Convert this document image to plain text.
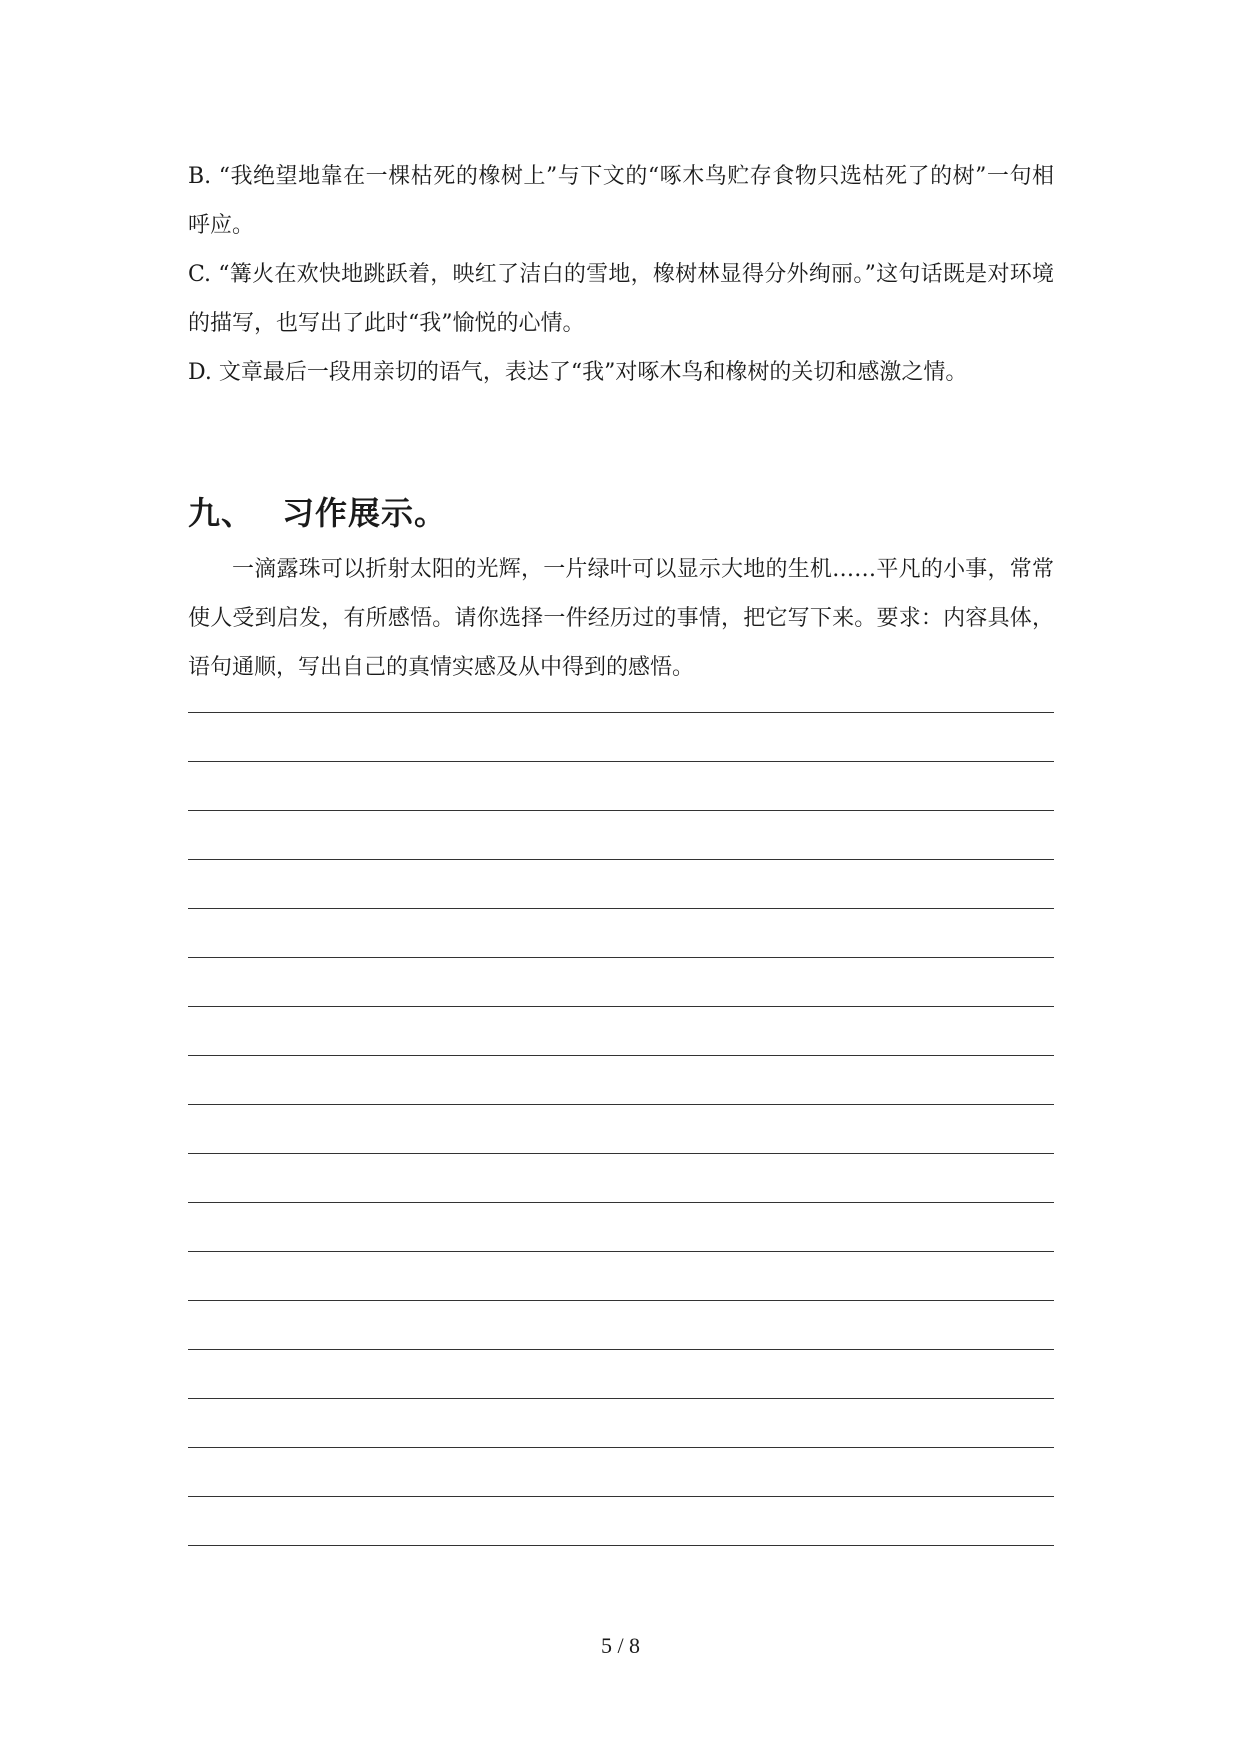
B. “我绝望地靠在一棵枯死的橡树上”与下文的“啄木鸟贮存食物只选枯死了的树”一句相呼应。

C. “篝火在欢快地跳跃着，映红了洁白的雪地，橡树林显得分外绚丽。”这句话既是对环境的描写，也写出了此时“我”愉悦的心情。

D. 文章最后一段用亲切的语气，表达了“我”对啄木鸟和橡树的关切和感激之情。

九、 习作展示。

一滴露珠可以折射太阳的光辉，一片绿叶可以显示大地的生机……平凡的小事，常常使人受到启发，有所感悟。请你选择一件经历过的事情，把它写下来。要求：内容具体，语句通顺，写出自己的真情实感及从中得到的感悟。

5 / 8
